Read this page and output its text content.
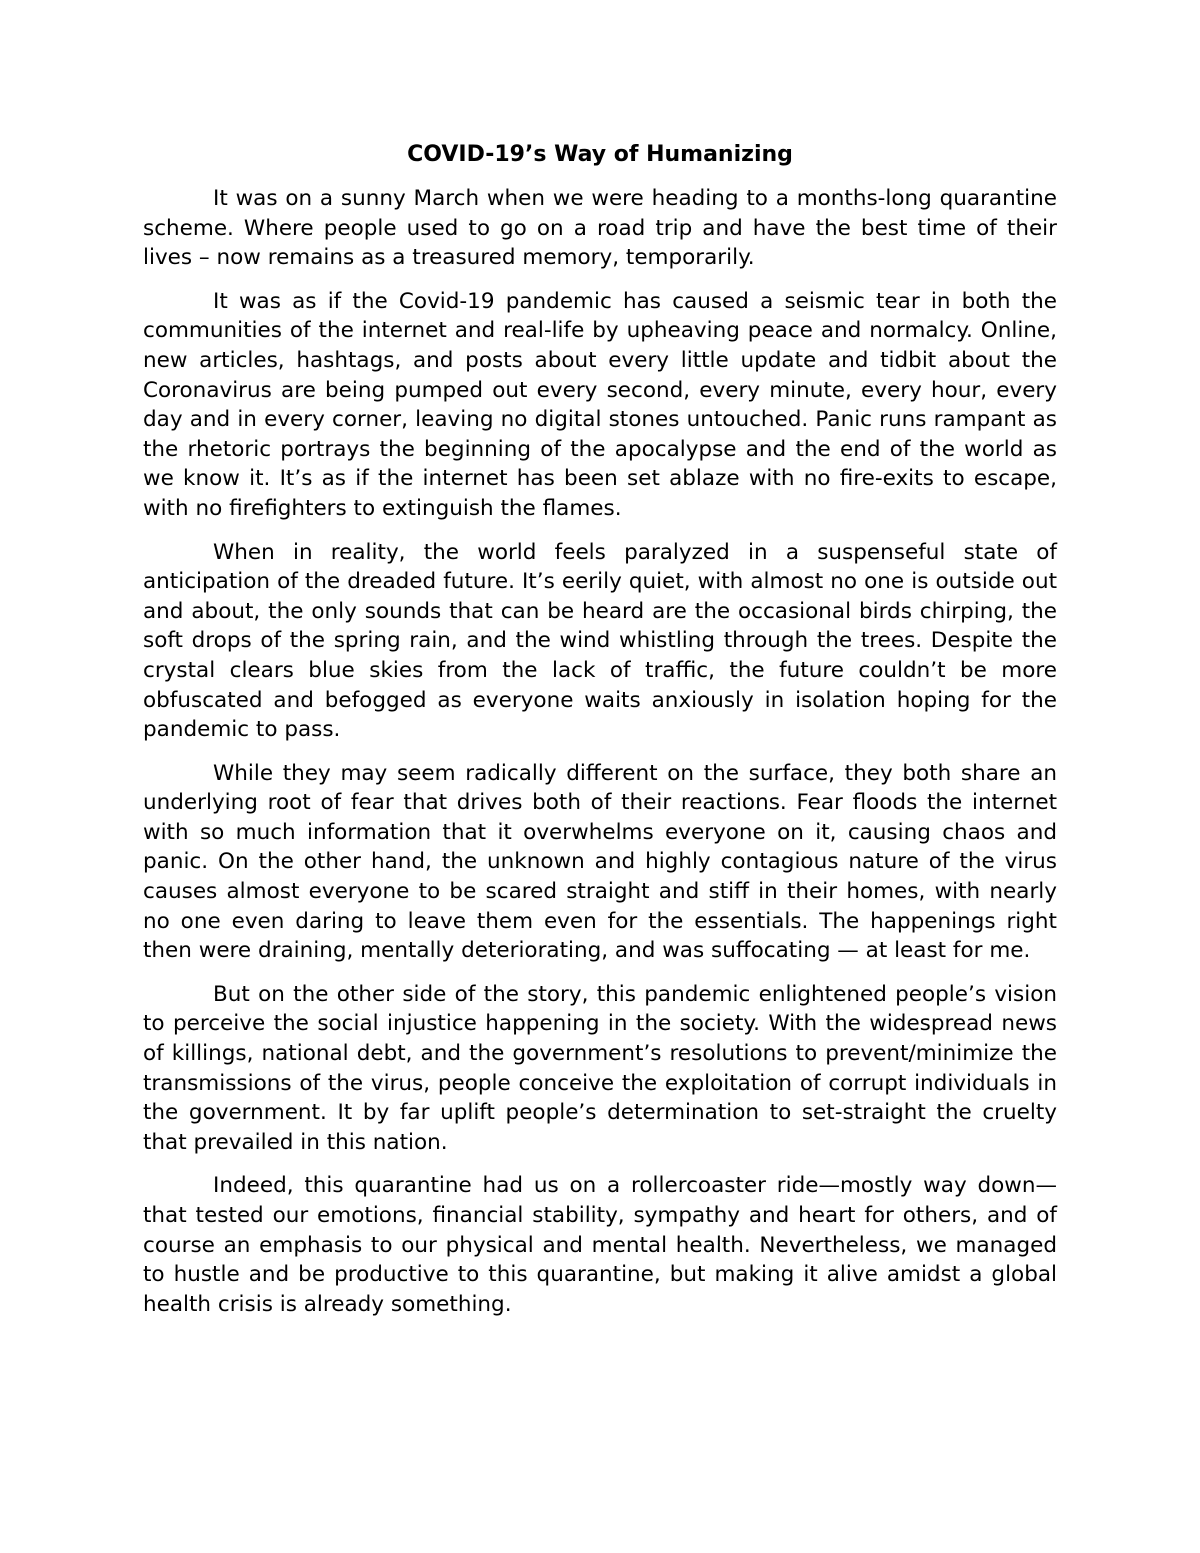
COVID-19’s Way of Humanizing

It was on a sunny March when we were heading to a months-long quarantine scheme. Where people used to go on a road trip and have the best time of their lives – now remains as a treasured memory, temporarily.

It was as if the Covid-19 pandemic has caused a seismic tear in both the communities of the internet and real-life by upheaving peace and normalcy. Online, new articles, hashtags, and posts about every little update and tidbit about the Coronavirus are being pumped out every second, every minute, every hour, every day and in every corner, leaving no digital stones untouched. Panic runs rampant as the rhetoric portrays the beginning of the apocalypse and the end of the world as we know it. It’s as if the internet has been set ablaze with no fire-exits to escape, with no firefighters to extinguish the flames.

When in reality, the world feels paralyzed in a suspenseful state of anticipation of the dreaded future. It’s eerily quiet, with almost no one is outside out and about, the only sounds that can be heard are the occasional birds chirping, the soft drops of the spring rain, and the wind whistling through the trees. Despite the crystal clears blue skies from the lack of traffic, the future couldn’t be more obfuscated and befogged as everyone waits anxiously in isolation hoping for the pandemic to pass.

While they may seem radically different on the surface, they both share an underlying root of fear that drives both of their reactions. Fear floods the internet with so much information that it overwhelms everyone on it, causing chaos and panic. On the other hand, the unknown and highly contagious nature of the virus causes almost everyone to be scared straight and stiff in their homes, with nearly no one even daring to leave them even for the essentials. The happenings right then were draining, mentally deteriorating, and was suffocating — at least for me.

But on the other side of the story, this pandemic enlightened people’s vision to perceive the social injustice happening in the society. With the widespread news of killings, national debt, and the government’s resolutions to prevent/minimize the transmissions of the virus, people conceive the exploitation of corrupt individuals in the government. It by far uplift people’s determination to set-straight the cruelty that prevailed in this nation.

Indeed, this quarantine had us on a rollercoaster ride—mostly way down—that tested our emotions, financial stability, sympathy and heart for others, and of course an emphasis to our physical and mental health. Nevertheless, we managed to hustle and be productive to this quarantine, but making it alive amidst a global health crisis is already something.
